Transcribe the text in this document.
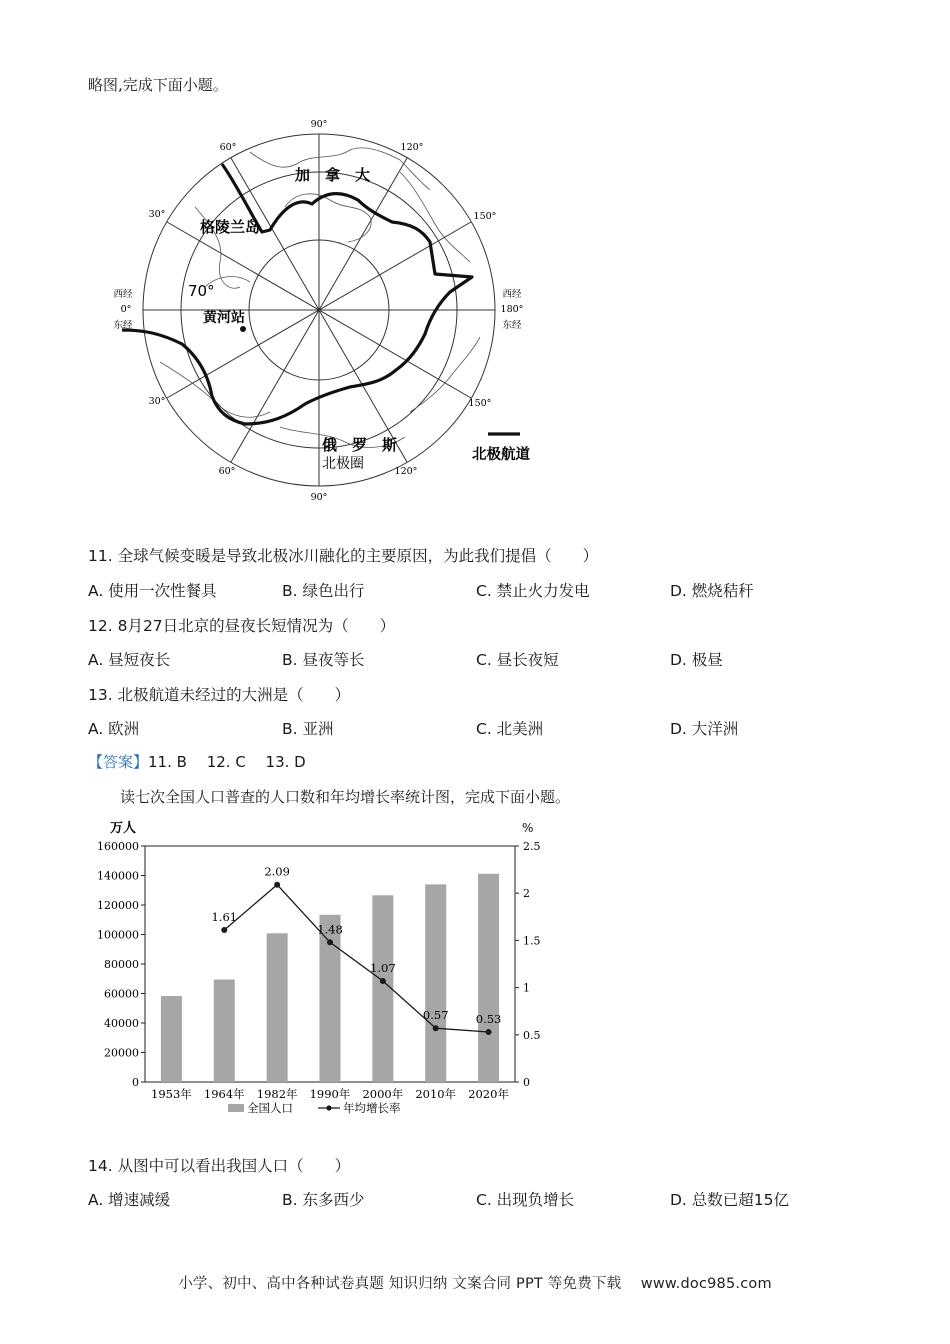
略图,完成下面小题。
90°
90°
120°
120°
150°
150°
60°
60°
30°
30°
西经
0°
东经
西经
180°
东经
70°
加　拿　大
格陵兰岛
黄河站
俄　罗　斯
北极圈
北极航道
11. 全球气候变暖是导致北极冰川融化的主要原因，为此我们提倡（　　）
A. 使用一次性餐具	B. 绿色出行	C. 禁止火力发电	D. 燃烧秸秆
12. 8月27日北京的昼夜长短情况为（　　）
A. 昼短夜长	B. 昼夜等长	C. 昼长夜短	D. 极昼
13. 北极航道未经过的大洲是（　　）
A. 欧洲	B. 亚洲	C. 北美洲	D. 大洋洲
【答案】11. B　 12. C　 13. D
读七次全国人口普查的人口数和年均增长率统计图，完成下面小题。
0
20000
40000
60000
80000
100000
120000
140000
160000
0
0.5
1
1.5
2
2.5
万人	%
1953年 1964年 1982年 1990年 2000年 2010年 2020年
1.61
2.09
1.48
1.07
0.57 0.53
全国人口	年均增长率
14. 从图中可以看出我国人口（　　）
A. 增速减缓	B. 东多西少	C. 出现负增长	D. 总数已超15亿
小学、初中、高中各种试卷真题 知识归纳 文案合同 PPT 等免费下载　 www.doc985.com
